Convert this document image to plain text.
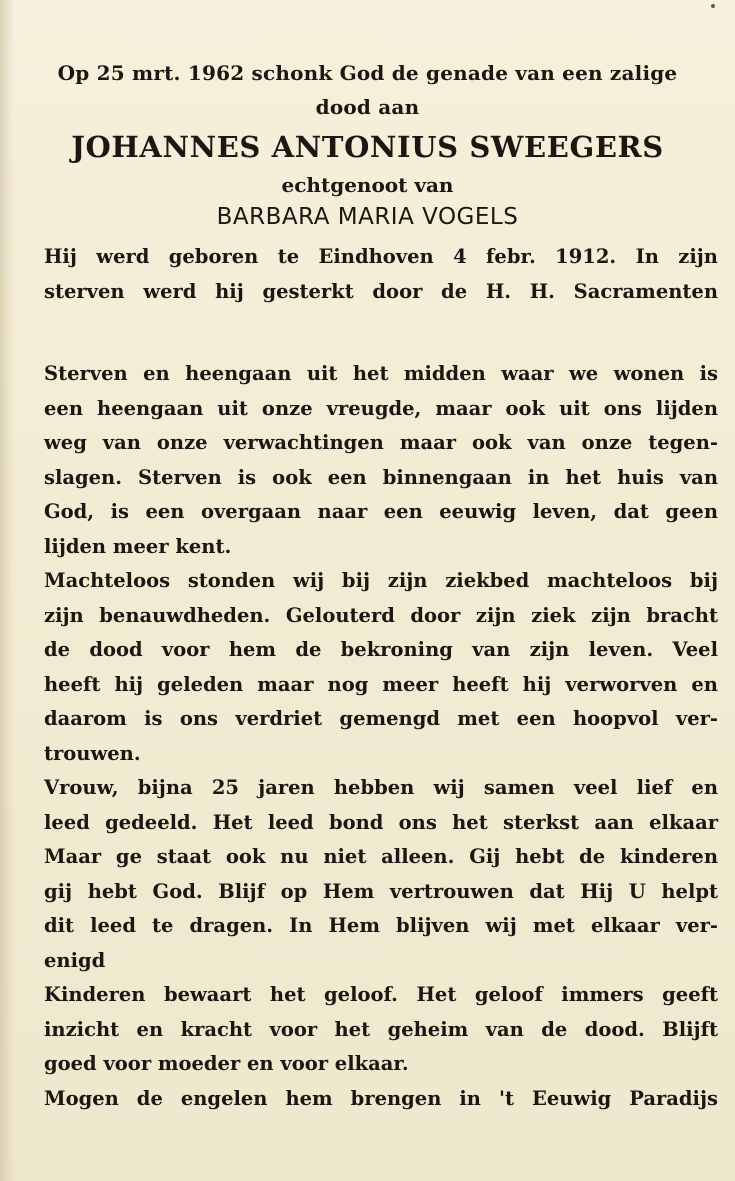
Op 25 mrt. 1962 schonk God de genade van een zalige
dood aan
JOHANNES ANTONIUS SWEEGERS
echtgenoot van
BARBARA MARIA VOGELS
Hij werd geboren te Eindhoven 4 febr. 1912. In zijn
sterven werd hij gesterkt door de H. H. Sacramenten
Sterven en heengaan uit het midden waar we wonen is
een heengaan uit onze vreugde, maar ook uit ons lijden
weg van onze verwachtingen maar ook van onze tegen-
slagen. Sterven is ook een binnengaan in het huis van
God, is een overgaan naar een eeuwig leven, dat geen
lijden meer kent.
Machteloos stonden wij bij zijn ziekbed machteloos bij
zijn benauwdheden. Gelouterd door zijn ziek zijn bracht
de dood voor hem de bekroning van zijn leven. Veel
heeft hij geleden maar nog meer heeft hij verworven en
daarom is ons verdriet gemengd met een hoopvol ver-
trouwen.
Vrouw, bijna 25 jaren hebben wij samen veel lief en
leed gedeeld. Het leed bond ons het sterkst aan elkaar
Maar ge staat ook nu niet alleen. Gij hebt de kinderen
gij hebt God. Blijf op Hem vertrouwen dat Hij U helpt
dit leed te dragen. In Hem blijven wij met elkaar ver-
enigd
Kinderen bewaart het geloof. Het geloof immers geeft
inzicht en kracht voor het geheim van de dood. Blijft
goed voor moeder en voor elkaar.
Mogen de engelen hem brengen in 't Eeuwig Paradijs
